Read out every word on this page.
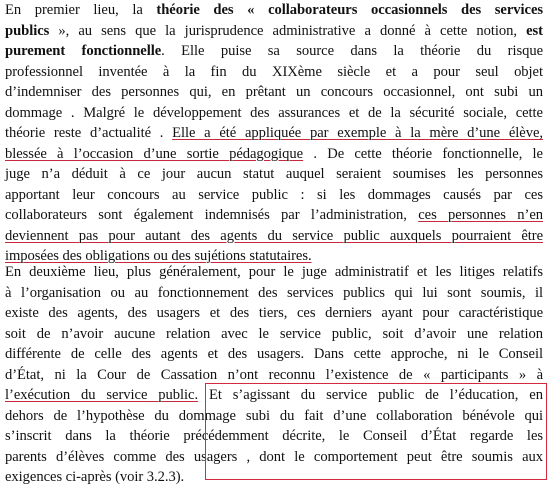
En premier lieu, la théorie des « collaborateurs occasionnels des services
publics », au sens que la jurisprudence administrative a donné à cette notion, est
purement fonctionnelle. Elle puise sa source dans la théorie du risque
professionnel inventée à la fin du XIXème siècle et a pour seul objet
d’indemniser des personnes qui, en prêtant un concours occasionnel, ont subi un
dommage . Malgré le développement des assurances et de la sécurité sociale, cette
théorie reste d’actualité . Elle a été appliquée par exemple à la mère d’une élève,
blessée à l’occasion d’une sortie pédagogique . De cette théorie fonctionnelle, le
juge n’a déduit à ce jour aucun statut auquel seraient soumises les personnes
apportant leur concours au service public : si les dommages causés par ces
collaborateurs sont également indemnisés par l’administration, ces personnes n’en
deviennent pas pour autant des agents du service public auxquels pourraient être
imposées des obligations ou des sujétions statutaires.
En deuxième lieu, plus généralement, pour le juge administratif et les litiges relatifs
à l’organisation ou au fonctionnement des services publics qui lui sont soumis, il
existe des agents, des usagers et des tiers, ces derniers ayant pour caractéristique
soit de n’avoir aucune relation avec le service public, soit d’avoir une relation
différente de celle des agents et des usagers. Dans cette approche, ni le Conseil
d’État, ni la Cour de Cassation n’ont reconnu l’existence de « participants » à
l’exécution du service public. Et s’agissant du service public de l’éducation, en
dehors de l’hypothèse du dommage subi du fait d’une collaboration bénévole qui
s’inscrit dans la théorie précédemment décrite, le Conseil d’État regarde les
parents d’élèves comme des usagers , dont le comportement peut être soumis aux
exigences ci-après (voir 3.2.3).
